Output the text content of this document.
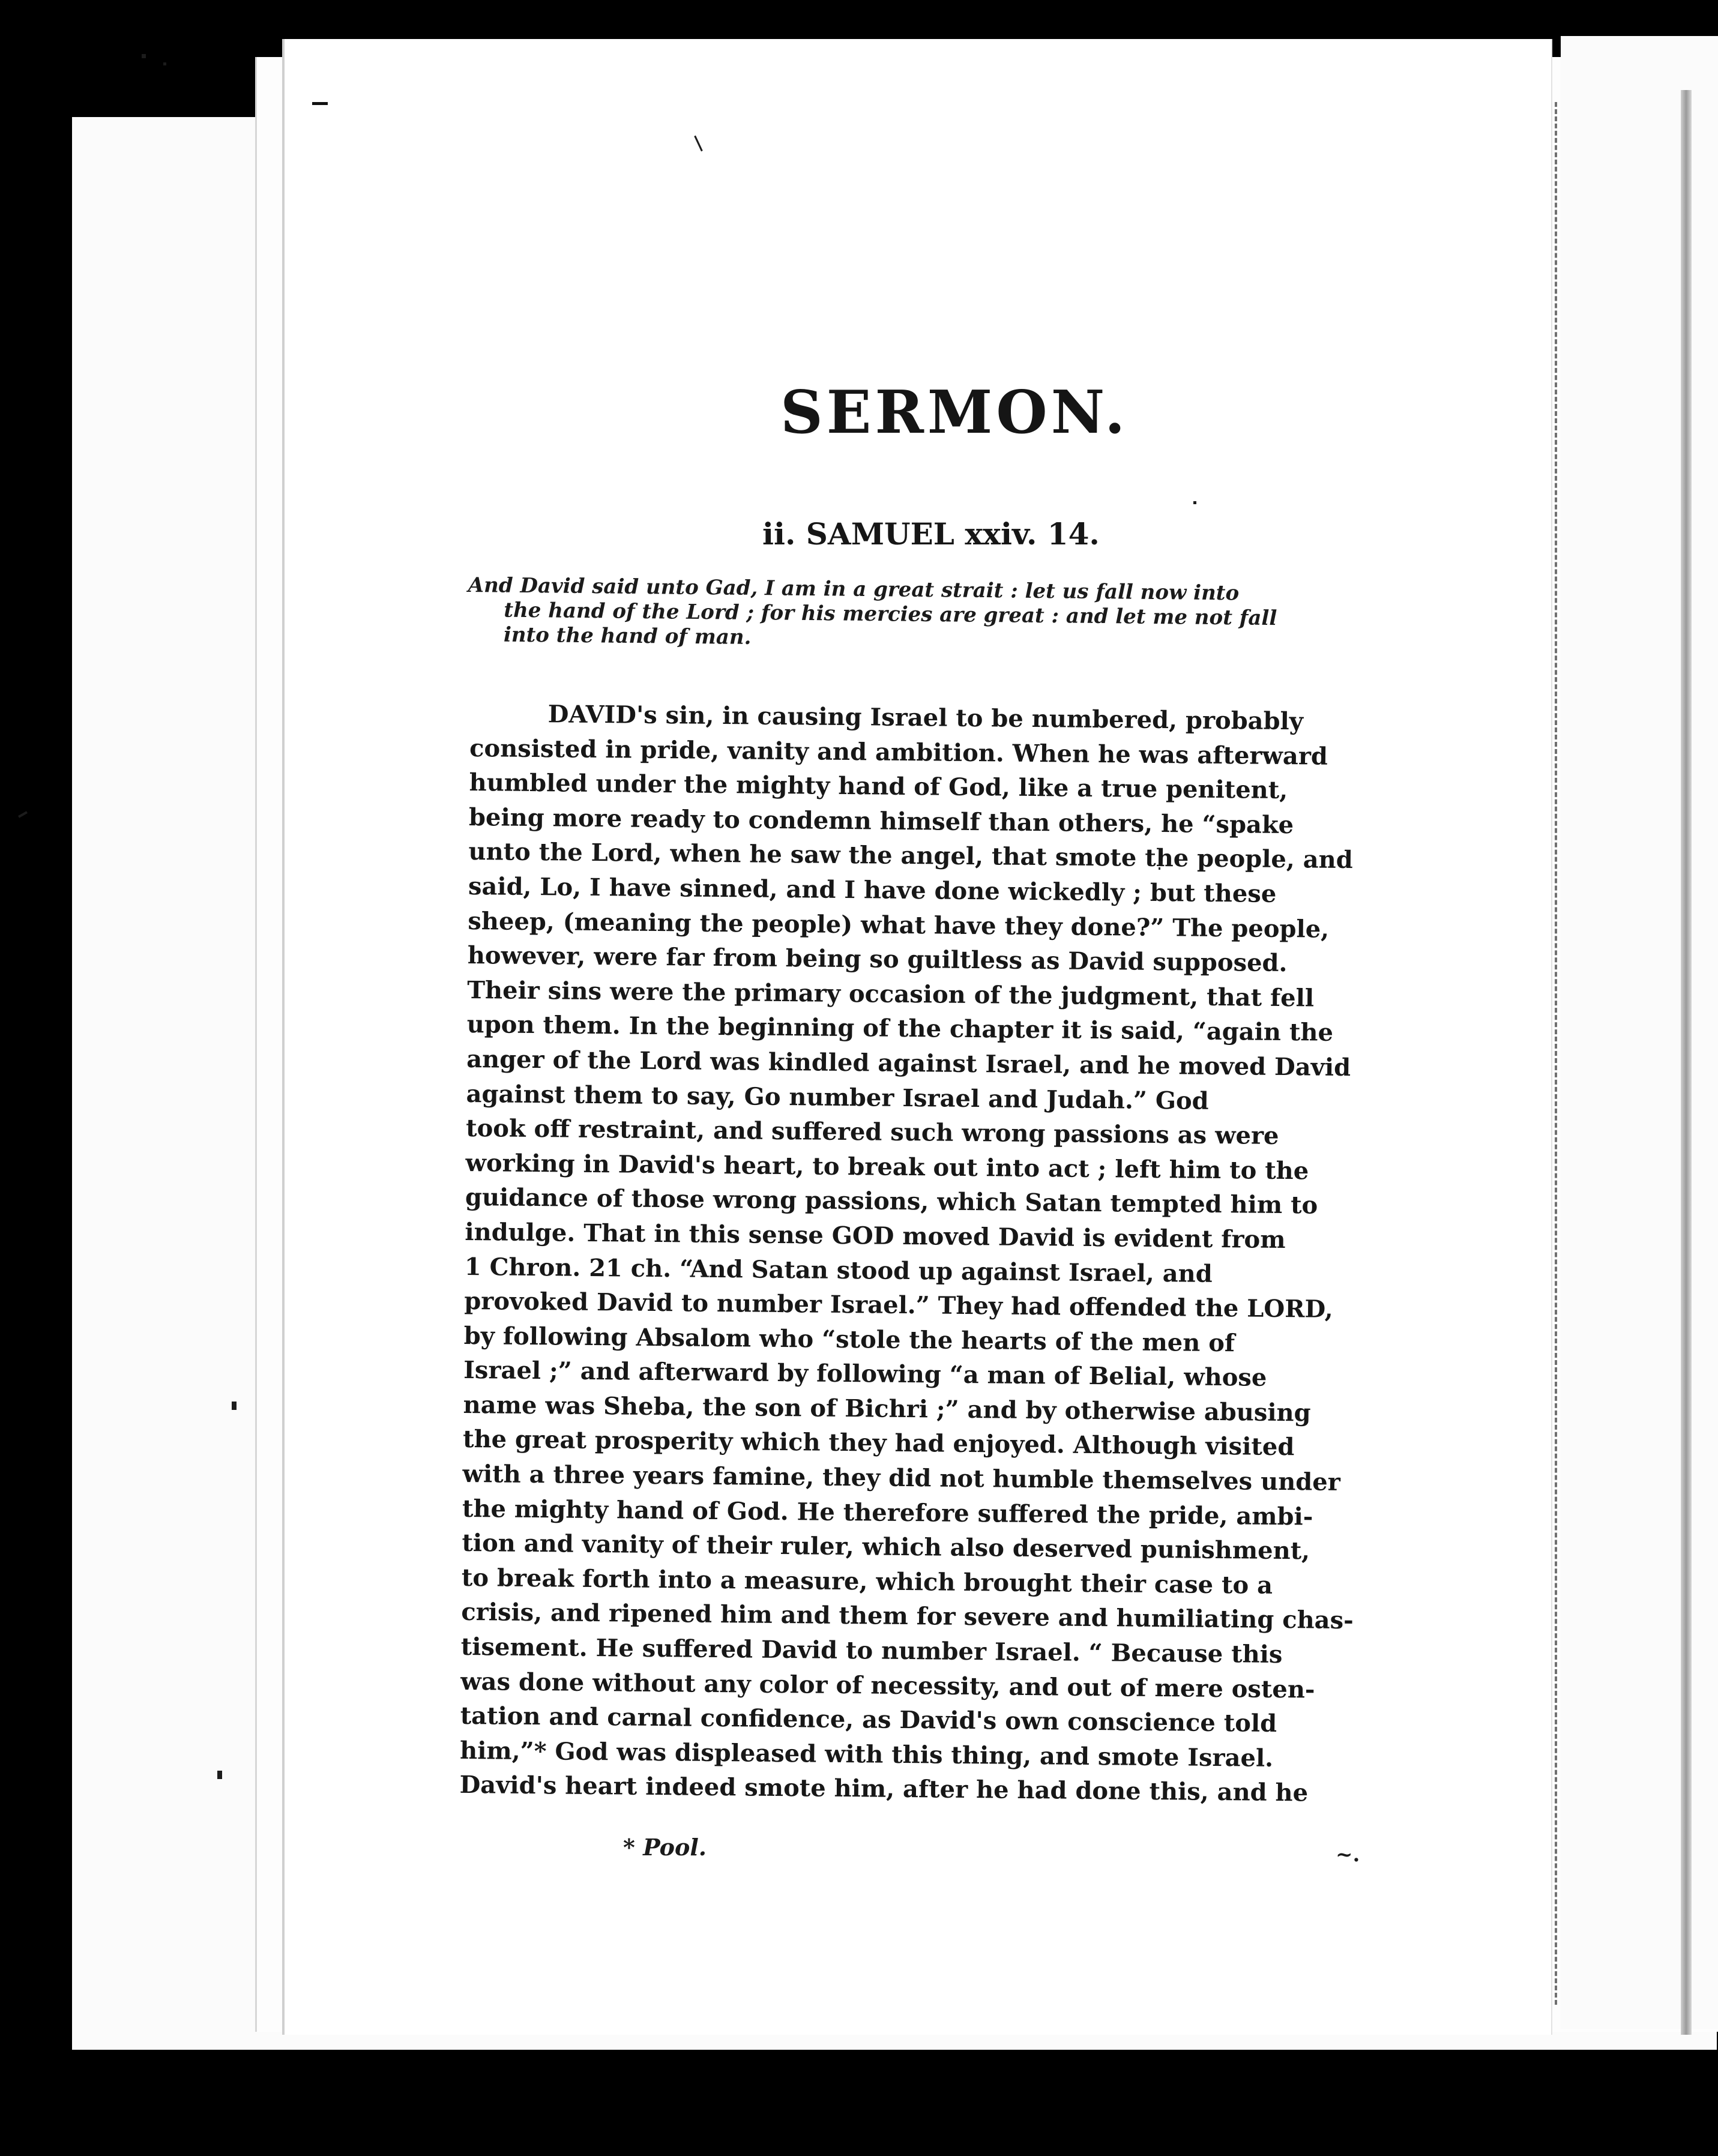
SERMON.
ii. SAMUEL xxiv. 14.
And David said unto Gad, I am in a great strait : let us fall now into
the hand of the Lord ; for his mercies are great : and let me not fall
into the hand of man.
DAVID's sin, in causing Israel to be numbered, probably
consisted in pride, vanity and ambition. When he was afterward
humbled under the mighty hand of God, like a true penitent,
being more ready to condemn himself than others, he “spake
unto the Lord, when he saw the angel, that smote the people, and
said, Lo, I have sinned, and I have done wickedly ; but these
sheep, (meaning the people) what have they done?” The people,
however, were far from being so guiltless as David supposed.
Their sins were the primary occasion of the judgment, that fell
upon them. In the beginning of the chapter it is said, “again the
anger of the Lord was kindled against Israel, and he moved David
against them to say, Go number Israel and Judah.” God
took off restraint, and suffered such wrong passions as were
working in David's heart, to break out into act ; left him to the
guidance of those wrong passions, which Satan tempted him to
indulge. That in this sense GOD moved David is evident from
1 Chron. 21 ch. “And Satan stood up against Israel, and
provoked David to number Israel.” They had offended the LORD,
by following Absalom who “stole the hearts of the men of
Israel ;” and afterward by following “a man of Belial, whose
name was Sheba, the son of Bichri ;” and by otherwise abusing
the great prosperity which they had enjoyed. Although visited
with a three years famine, they did not humble themselves under
the mighty hand of God. He therefore suffered the pride, ambi-
tion and vanity of their ruler, which also deserved punishment,
to break forth into a measure, which brought their case to a
crisis, and ripened him and them for severe and humiliating chas-
tisement. He suffered David to number Israel. “ Because this
was done without any color of necessity, and out of mere osten-
tation and carnal confidence, as David's own conscience told
him,”* God was displeased with this thing, and smote Israel.
David's heart indeed smote him, after he had done this, and he
* Pool.	~.
